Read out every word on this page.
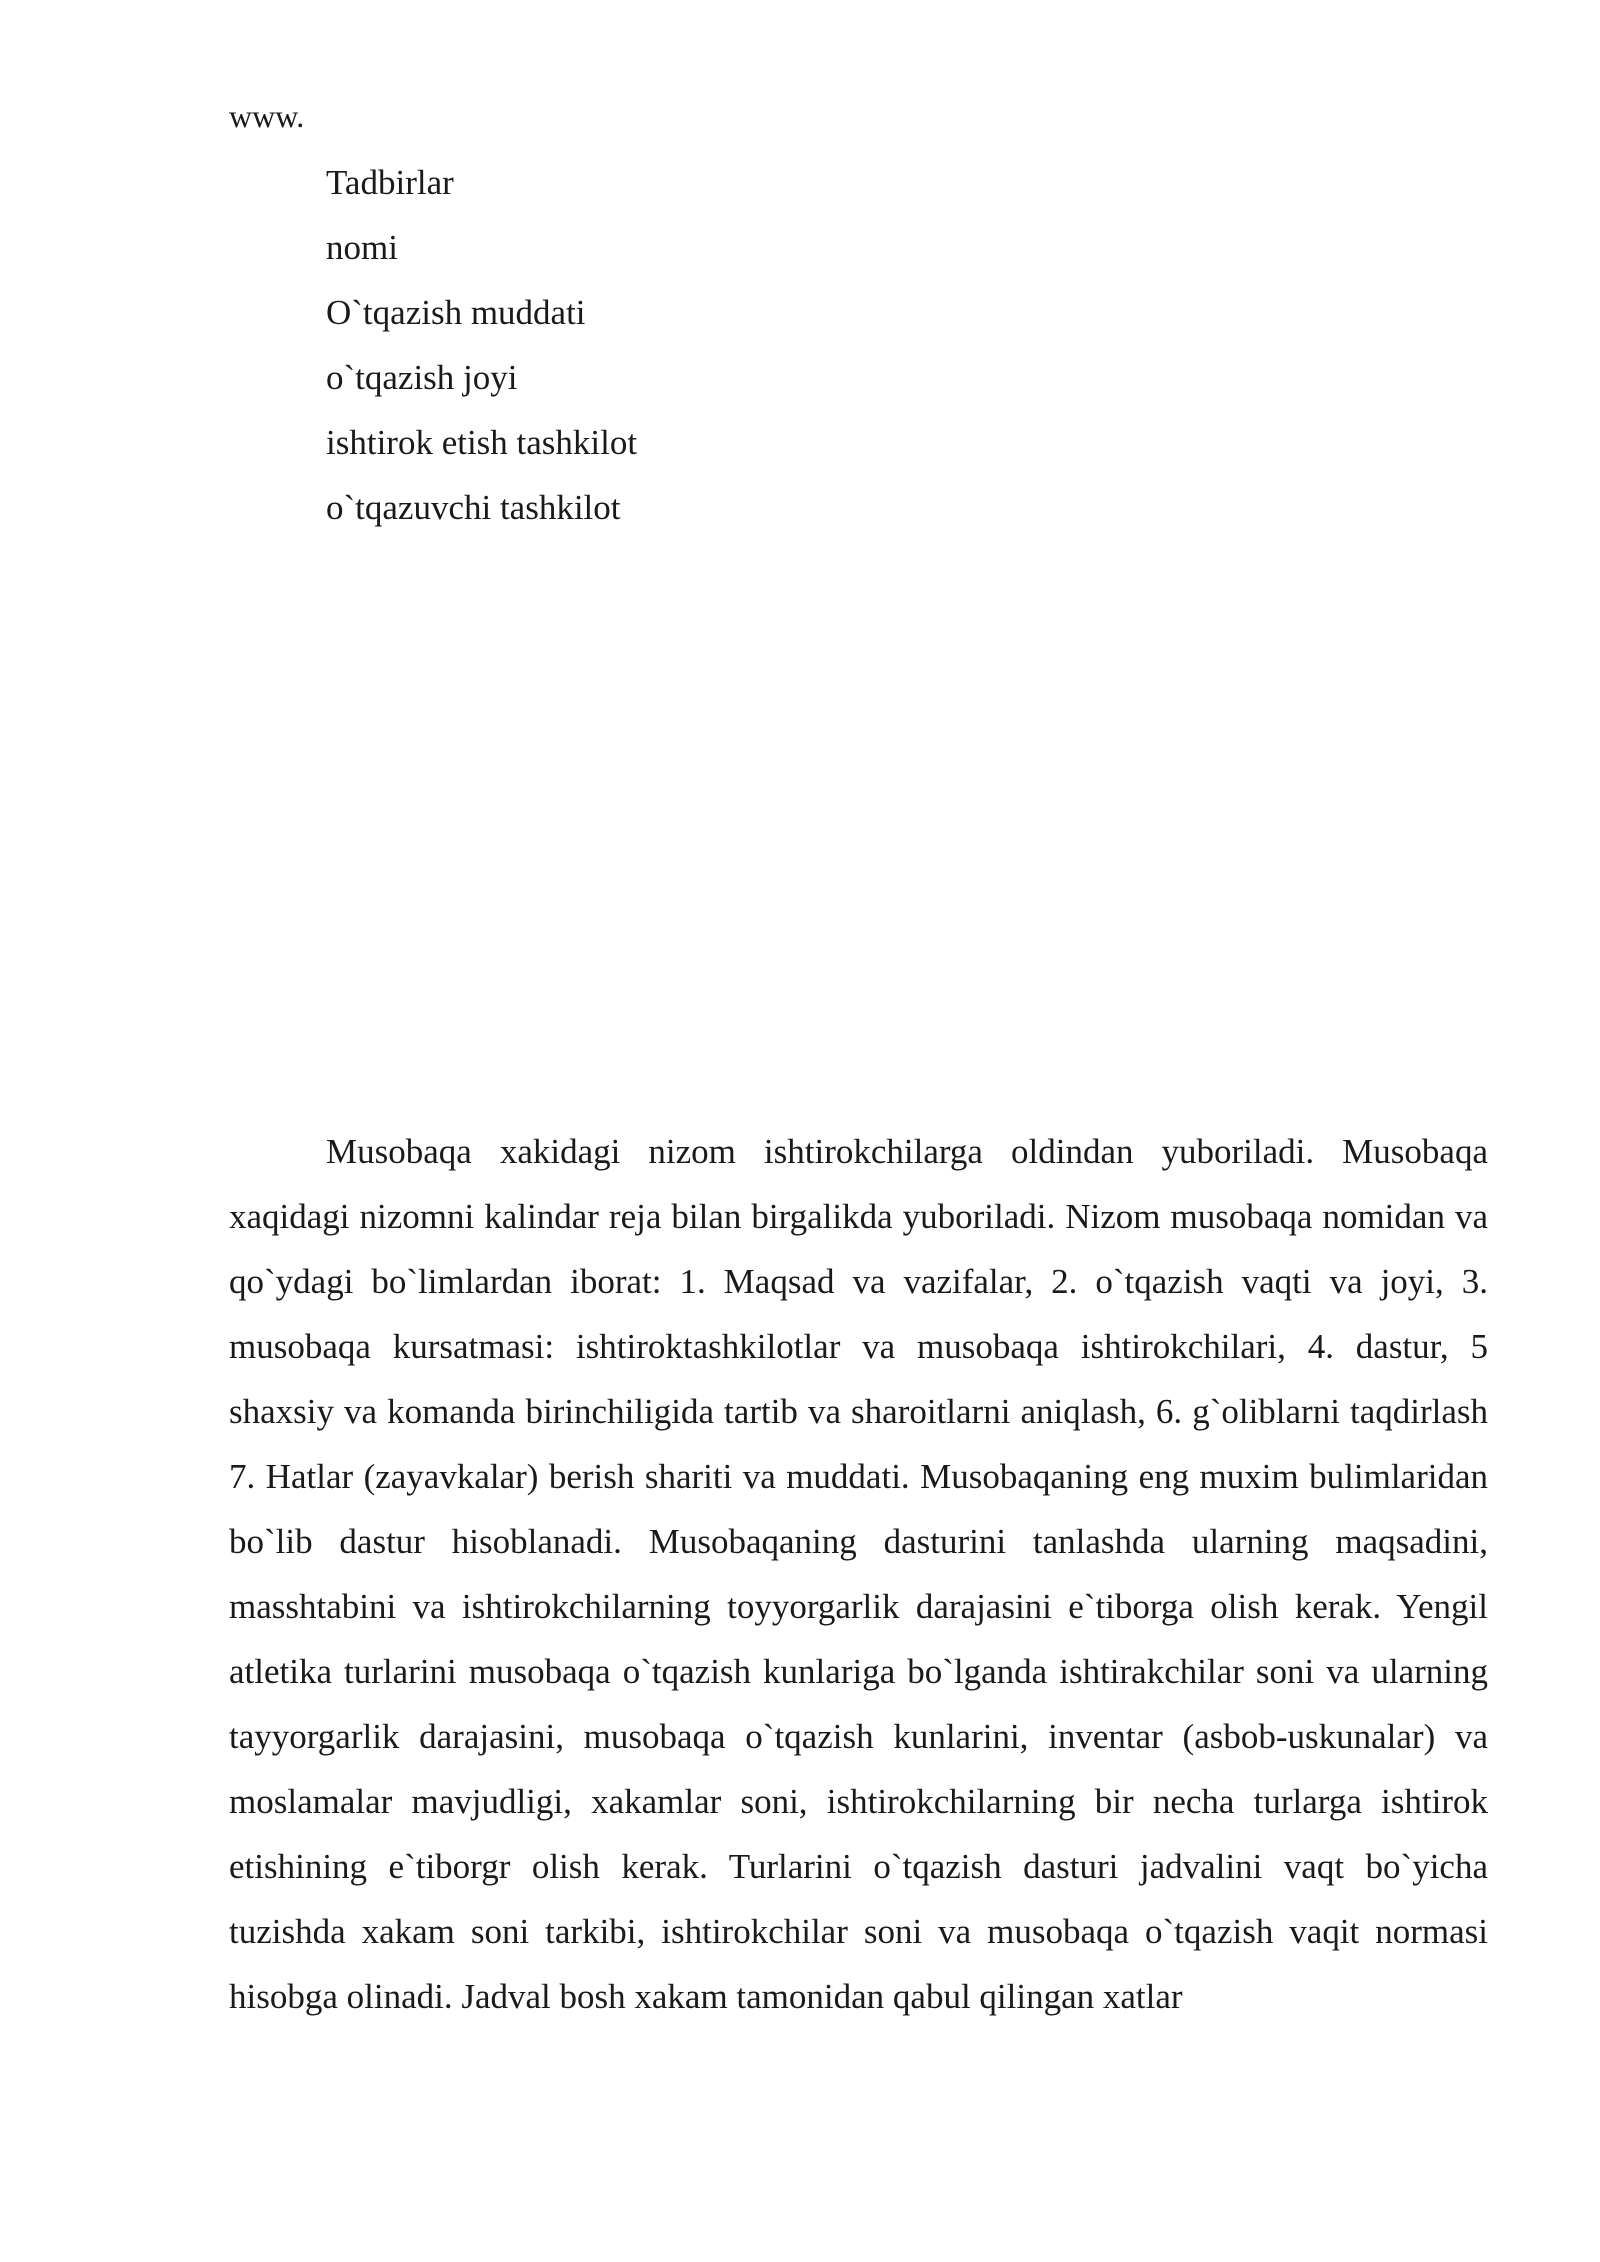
www.
Tadbirlar
nomi
O`tqazish muddati
o`tqazish joyi
ishtirok etish tashkilot
o`tqazuvchi tashkilot

Musobaqa xakidagi nizom ishtirokchilarga oldindan yuboriladi. Musobaqa xaqidagi nizomni kalindar reja bilan birgalikda yuboriladi. Nizom musobaqa nomidan va qo`ydagi bo`limlardan iborat: 1. Maqsad va vazifalar, 2. o`tqazish vaqti va joyi, 3. musobaqa kursatmasi: ishtiroktashkilotlar va musobaqa ishtirokchilari, 4. dastur, 5 shaxsiy va komanda birinchiligida tartib va sharoitlarni aniqlash, 6. g`oliblarni taqdirlash 7. Hatlar (zayavkalar) berish shariti va muddati. Musobaqaning eng muxim bulimlaridan bo`lib dastur hisoblanadi. Musobaqaning dasturini tanlashda ularning maqsadini, masshtabini va ishtirokchilarning toyyorgarlik darajasini e`tiborga olish kerak. Yengil atletika turlarini musobaqa o`tqazish kunlariga bo`lganda ishtirakchilar soni va ularning tayyorgarlik darajasini, musobaqa o`tqazish kunlarini, inventar (asbob-uskunalar) va moslamalar mavjudligi, xakamlar soni, ishtirokchilarning bir necha turlarga ishtirok etishining e`tiborgr olish kerak. Turlarini o`tqazish dasturi jadvalini vaqt bo`yicha tuzishda xakam soni tarkibi, ishtirokchilar soni va musobaqa o`tqazish vaqit normasi hisobga olinadi. Jadval bosh xakam tamonidan qabul qilingan xatlar
